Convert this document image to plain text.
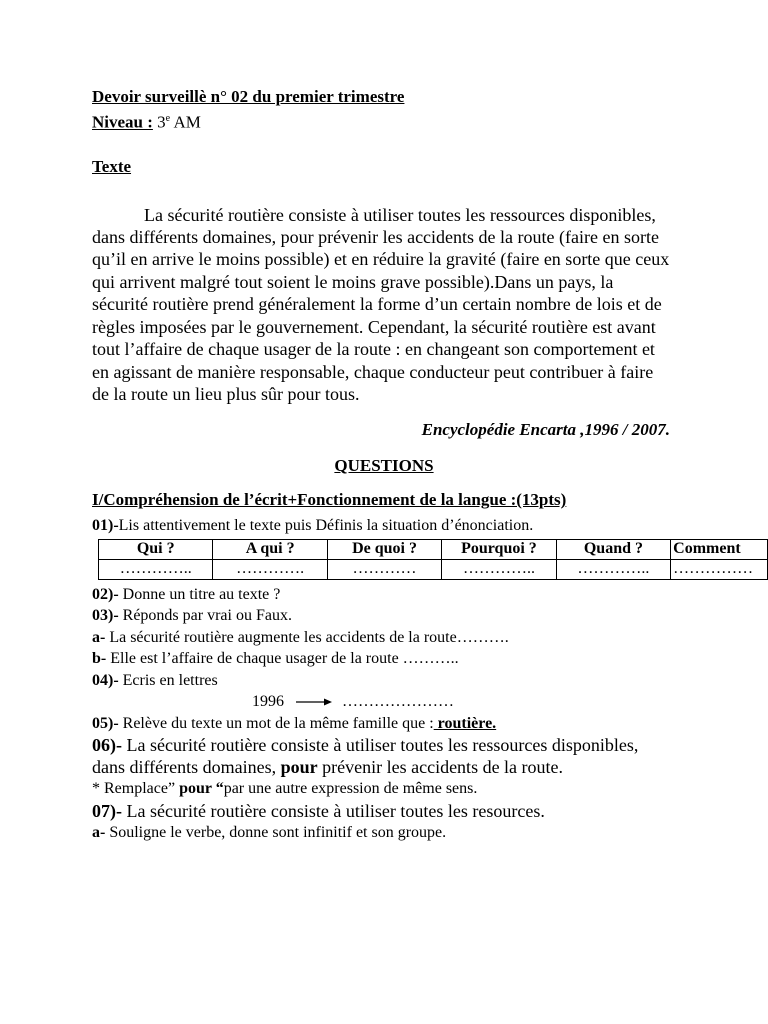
Devoir surveillè n° 02 du premier trimestre
Niveau : 3e AM
Texte
La sécurité routière consiste à utiliser toutes les ressources disponibles, dans différents domaines, pour prévenir les accidents de la route (faire en sorte qu’il en arrive le moins possible) et en réduire la gravité (faire en sorte que ceux qui arrivent malgré tout soient le moins grave possible).Dans un pays, la sécurité routière prend généralement la forme d’un certain nombre de lois et de règles imposées par le gouvernement. Cependant, la sécurité routière est avant tout l’affaire de chaque usager de la route : en changeant son comportement et en agissant de manière responsable, chaque conducteur peut contribuer à faire de la route un lieu plus sûr pour tous.
Encyclopédie Encarta ,1996 / 2007.
QUESTIONS
I/Compréhension de l’écrit+Fonctionnement de la langue :(13pts)
01)-Lis attentivement le texte puis Définis la situation d’énonciation.
Qui ?	A qui ?	De quoi ?	Pourquoi ?	Quand ?	Comment
…………..	………….	…………	…………..	…………..	……………
02)- Donne un titre au texte ?
03)- Réponds par vrai ou Faux.
a- La sécurité routière augmente les accidents de la route……….
b- Elle est l’affaire de chaque usager de la route ………..
04)- Ecris en lettres
1996	…………………
05)- Relève du texte un mot de la même famille que : routière.
06)- La sécurité routière consiste à utiliser toutes les ressources disponibles, dans différents domaines, pour prévenir les accidents de la route.
* Remplace” pour “par une autre expression de même sens.
07)- La sécurité routière consiste à utiliser toutes les resources.
a- Souligne le verbe, donne sont infinitif et son groupe.
